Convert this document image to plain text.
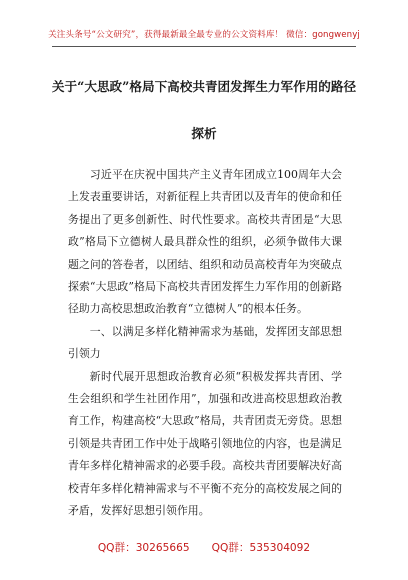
关注头条号“公文研究”，获得最新最全最专业的公文资料库！ 微信：gongwenyj
关于“大思政”格局下高校共青团发挥生力军作用的路径
探析

习近平在庆祝中国共产主义青年团成立100周年大会上发表重要讲话，对新征程上共青团以及青年的使命和任务提出了更多创新性、时代性要求。高校共青团是“大思政”格局下立德树人最具群众性的组织，必须争做伟大课题之问的答卷者，以团结、组织和动员高校青年为突破点探索“大思政”格局下高校共青团发挥生力军作用的创新路径助力高校思想政治教育“立德树人”的根本任务。

一、以满足多样化精神需求为基础，发挥团支部思想引领力

新时代展开思想政治教育必须“积极发挥共青团、学生会组织和学生社团作用”，加强和改进高校思想政治教育工作，构建高校“大思政”格局，共青团责无旁贷。思想引领是共青团工作中处于战略引领地位的内容，也是满足青年多样化精神需求的必要手段。高校共青团要解决好高校青年多样化精神需求与不平衡不充分的高校发展之间的矛盾，发挥好思想引领作用。

QQ群：30265665 QQ群：535304092
